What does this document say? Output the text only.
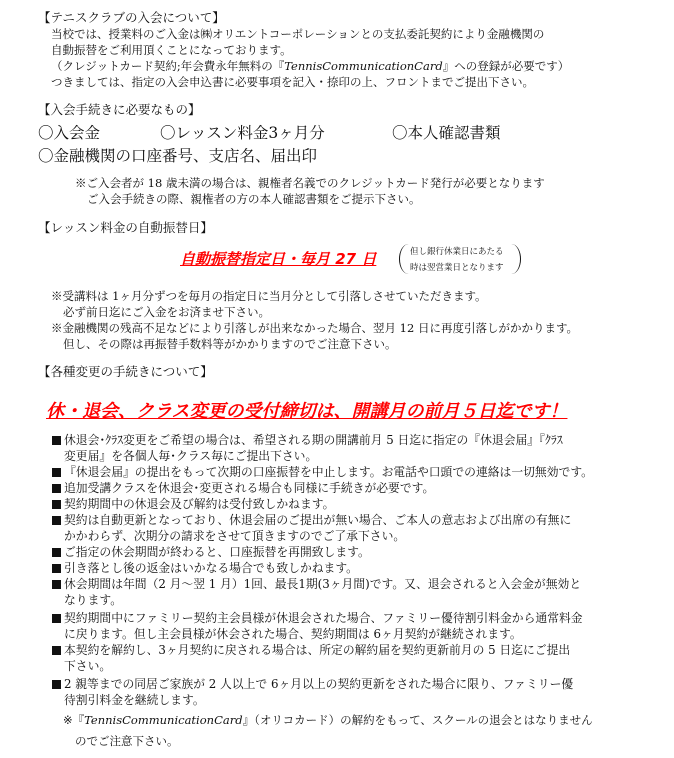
【テニスクラブの入会について】
当校では、授業料のご入金は㈱オリエントコーポレーションとの支払委託契約により金融機関の
自動振替をご利用頂くことになっております。
（クレジットカード契約;年会費永年無料の『TennisCommunicationCard』への登録が必要です）
つきましては、指定の入会申込書に必要事項を記入・捺印の上、フロントまでご提出下さい。
【入会手続きに必要なもの】
〇入会金	〇レッスン料金3ヶ月分	〇本人確認書類
〇金融機関の口座番号、支店名、届出印
※ご入会者が 18 歳未満の場合は、親権者名義でのクレジットカード発行が必要となります
ご入会手続きの際、親権者の方の本人確認書類をご提示下さい。
【レッスン料金の自動振替日】
自動振替指定日・毎月 27 日	但し銀行休業日にあたる
時は翌営業日となります
※受講料は 1ヶ月分ずつを毎月の指定日に当月分として引落しさせていただきます。
必ず前日迄にご入金をお済ませ下さい。
※金融機関の残高不足などにより引落しが出来なかった場合、翌月 12 日に再度引落しがかかります。
但し、その際は再振替手数料等がかかりますのでご注意下さい。
【各種変更の手続きについて】
休・退会、クラス変更の受付締切は、開講月の前月５日迄です！
休退会･ｸﾗｽ変更をご希望の場合は、希望される期の開講前月 5 日迄に指定の『休退会届』『ｸﾗｽ
変更届』を各個人毎･クラス毎にご提出下さい。
『休退会届』の提出をもって次期の口座振替を中止します。お電話や口頭での連絡は一切無効です。
追加受講クラスを休退会･変更される場合も同様に手続きが必要です。
契約期間中の休退会及び解約は受付致しかねます。
契約は自動更新となっており、休退会届のご提出が無い場合、ご本人の意志および出席の有無に
かかわらず、次期分の請求をさせて頂きますのでご了承下さい。
ご指定の休会期間が終わると、口座振替を再開致します。
引き落とし後の返金はいかなる場合でも致しかねます。
休会期間は年間（2 月～翌 1 月）1回、最長1期(3ヶ月間)です。又、退会されると入会金が無効と
なります。
契約期間中にファミリー契約主会員様が休退会された場合、ファミリー優待割引料金から通常料金
に戻ります。但し主会員様が休会された場合、契約期間は 6ヶ月契約が継続されます。
本契約を解約し、3ヶ月契約に戻される場合は、所定の解約届を契約更新前月の 5 日迄にご提出
下さい。
2 親等までの同居ご家族が 2 人以上で 6ヶ月以上の契約更新をされた場合に限り、ファミリー優
待割引料金を継続します。
※『TennisCommunicationCard』（オリコカード）の解約をもって、スクールの退会とはなりません
のでご注意下さい。
